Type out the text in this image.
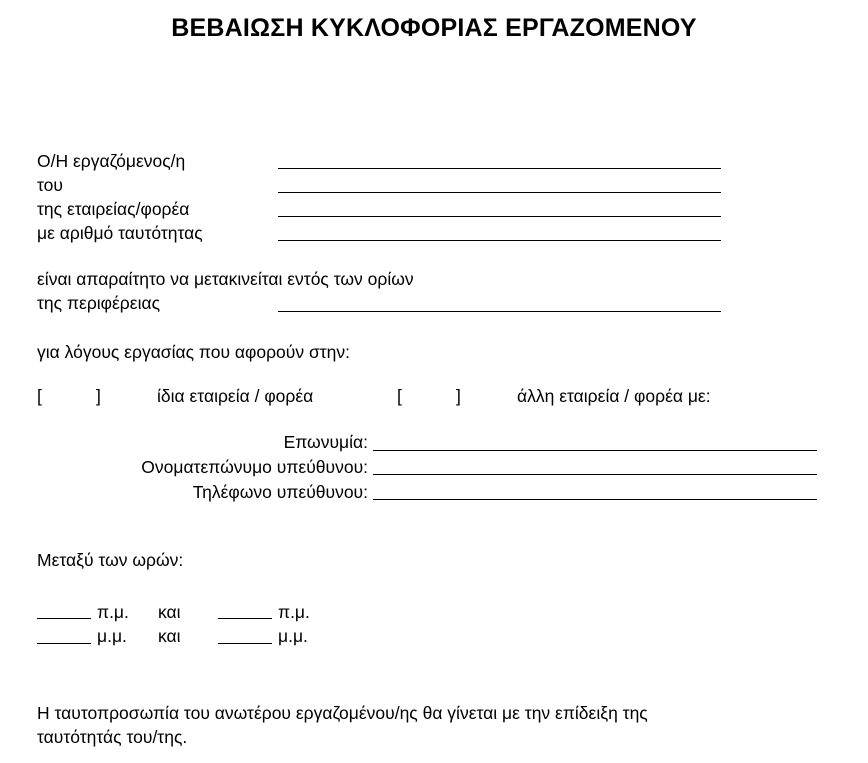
ΒΕΒΑΙΩΣΗ ΚΥΚΛΟΦΟΡΙΑΣ ΕΡΓΑΖΟΜΕΝΟΥ
Ο/Η εργαζόμενος/η
του
της εταιρείας/φορέα
με αριθμό ταυτότητας
είναι απαραίτητο να μετακινείται εντός των ορίων
της περιφέρειας
για λόγους εργασίας που αφορούν στην:
[	]	ίδια εταιρεία / φορέα	[	]	άλλη εταιρεία / φορέα με:
Επωνυμία:
Ονοματεπώνυμο υπεύθυνου:
Τηλέφωνο υπεύθυνου:
Μεταξύ των ωρών:
π.μ. και	π.μ.
μ.μ. και	μ.μ.
Η ταυτοπροσωπία του ανωτέρου εργαζομένου/ης θα γίνεται με την επίδειξη της
ταυτότητάς του/της.
